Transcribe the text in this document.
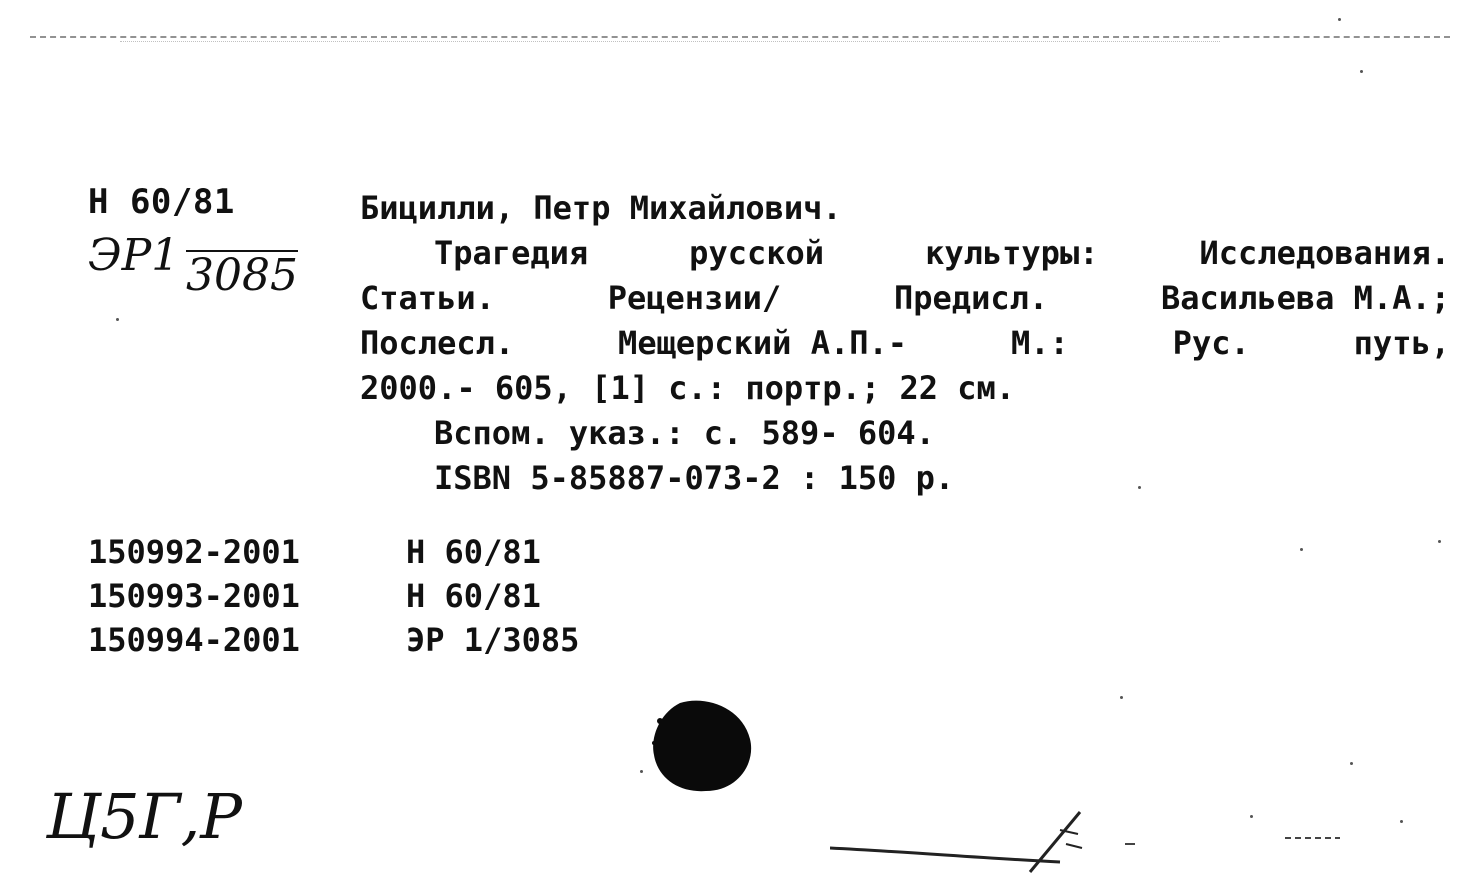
Н 60/81
ЭР1 3085
Бицилли, Петр Михайлович.
Трагедия	русской	культуры:	Исследования.
Статьи.	Рецензии/	Предисл.	Васильева М.А.;
Послесл.	Мещерский А.П.-	М.:	Рус.	путь,
2000.- 605, [1] с.: портр.; 22 см.
Вспом. указ.: с. 589- 604.
ISBN 5-85887-073-2 : 150 р.
150992-2001	Н 60/81
150993-2001	Н 60/81
150994-2001	ЭР 1/3085
Ц5Г,Р
